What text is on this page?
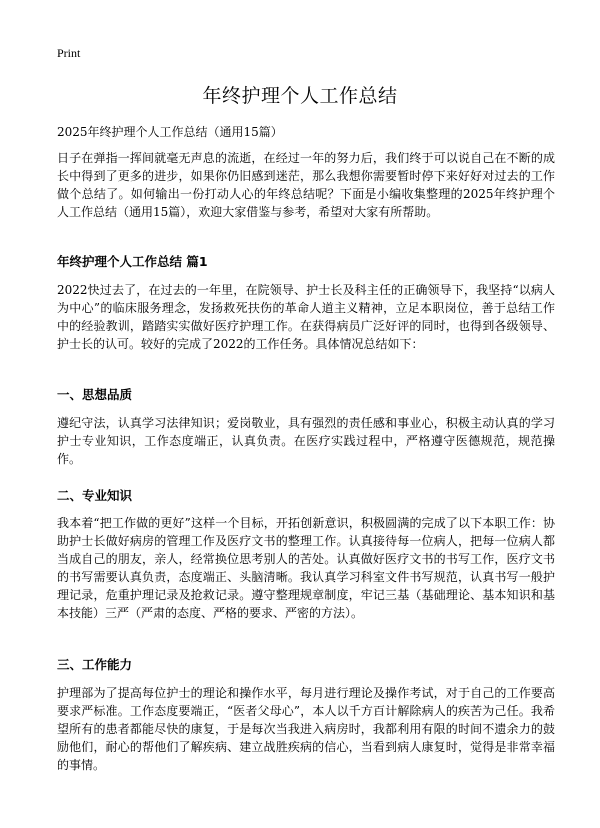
Print
年终护理个人工作总结
2025年终护理个人工作总结（通用15篇）
日子在弹指一挥间就毫无声息的流逝，在经过一年的努力后，我们终于可以说自己在不断的成长中得到了更多的进步，如果你仍旧感到迷茫，那么我想你需要暂时停下来好好对过去的工作做个总结了。如何输出一份打动人心的年终总结呢？下面是小编收集整理的2025年终护理个人工作总结（通用15篇），欢迎大家借鉴与参考，希望对大家有所帮助。
年终护理个人工作总结 篇1
2022快过去了，在过去的一年里，在院领导、护士长及科主任的正确领导下，我坚持“以病人为中心”的临床服务理念，发扬救死扶伤的革命人道主义精神，立足本职岗位，善于总结工作中的经验教训，踏踏实实做好医疗护理工作。在获得病员广泛好评的同时，也得到各级领导、护士长的认可。较好的完成了2022的工作任务。具体情况总结如下：
一、思想品质
遵纪守法，认真学习法律知识；爱岗敬业，具有强烈的责任感和事业心，积极主动认真的学习护士专业知识，工作态度端正，认真负责。在医疗实践过程中，严格遵守医德规范，规范操作。
二、专业知识
我本着“把工作做的更好”这样一个目标，开拓创新意识，积极圆满的完成了以下本职工作：协助护士长做好病房的管理工作及医疗文书的整理工作。认真接待每一位病人，把每一位病人都当成自己的朋友，亲人，经常换位思考别人的苦处。认真做好医疗文书的书写工作，医疗文书的书写需要认真负责，态度端正、头脑清晰。我认真学习科室文件书写规范，认真书写一般护理记录，危重护理记录及抢救记录。遵守整理规章制度，牢记三基（基础理论、基本知识和基本技能）三严（严肃的态度、严格的要求、严密的方法）。
三、工作能力
护理部为了提高每位护士的理论和操作水平，每月进行理论及操作考试，对于自己的工作要高要求严标准。工作态度要端正，“医者父母心”，本人以千方百计解除病人的疾苦为己任。我希望所有的患者都能尽快的康复，于是每次当我进入病房时，我都利用有限的时间不遗余力的鼓励他们，耐心的帮他们了解疾病、建立战胜疾病的信心，当看到病人康复时，觉得是非常幸福的事情。
